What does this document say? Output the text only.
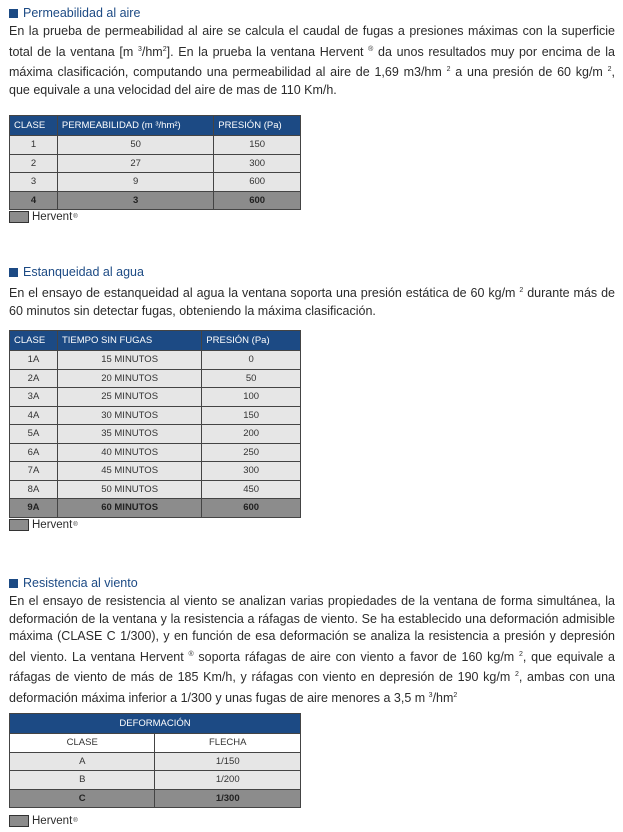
Permeabilidad al aire
En la prueba de permeabilidad al aire se calcula el caudal de fugas a presiones máximas con la superficie total de la ventana [m $^3/hm^2$]. En la prueba la ventana Hervent ® da unos resultados muy por encima de la máxima clasificación, computando una permeabilidad al aire de 1,69 m3/hm $^2$ a una presión de 60 kg/m $^2$, que equivale a una velocidad del aire de mas de 110 Km/h.
CLASE	PERMEABILIDAD (m ³/hm²)	PRESIÓN (Pa)
1	50	150
2	27	300
3	9	600
4	3	600
Hervent ®
Estanqueidad al agua
En el ensayo de estanqueidad al agua la ventana soporta una presión estática de 60 kg/m $^2$ durante más de 60 minutos sin detectar fugas, obteniendo la máxima clasificación.
CLASE	TIEMPO SIN FUGAS	PRESIÓN (Pa)
1A	15 MINUTOS	0
2A	20 MINUTOS	50
3A	25 MINUTOS	100
4A	30 MINUTOS	150
5A	35 MINUTOS	200
6A	40 MINUTOS	250
7A	45 MINUTOS	300
8A	50 MINUTOS	450
9A	60 MINUTOS	600
Hervent ®
Resistencia al viento
En el ensayo de resistencia al viento se analizan varias propiedades de la ventana de forma simultánea, la deformación de la ventana y la resistencia a ráfagas de viento. Se ha establecido una deformación admisible máxima (CLASE C 1/300), y en función de esa deformación se analiza la resistencia a presión y depresión del viento. La ventana Hervent ® soporta ráfagas de aire con viento a favor de 160 kg/m $^2$, que equivale a ráfagas de viento de más de 185 Km/h, y ráfagas con viento en depresión de 190 kg/m $^2$, ambas con una deformación máxima inferior a 1/300 y unas fugas de aire menores a 3,5 m $^3/hm^2$
DEFORMACIÓN	
CLASE	FLECHA
A	1/150
B	1/200
C	1/300
Hervent ®
